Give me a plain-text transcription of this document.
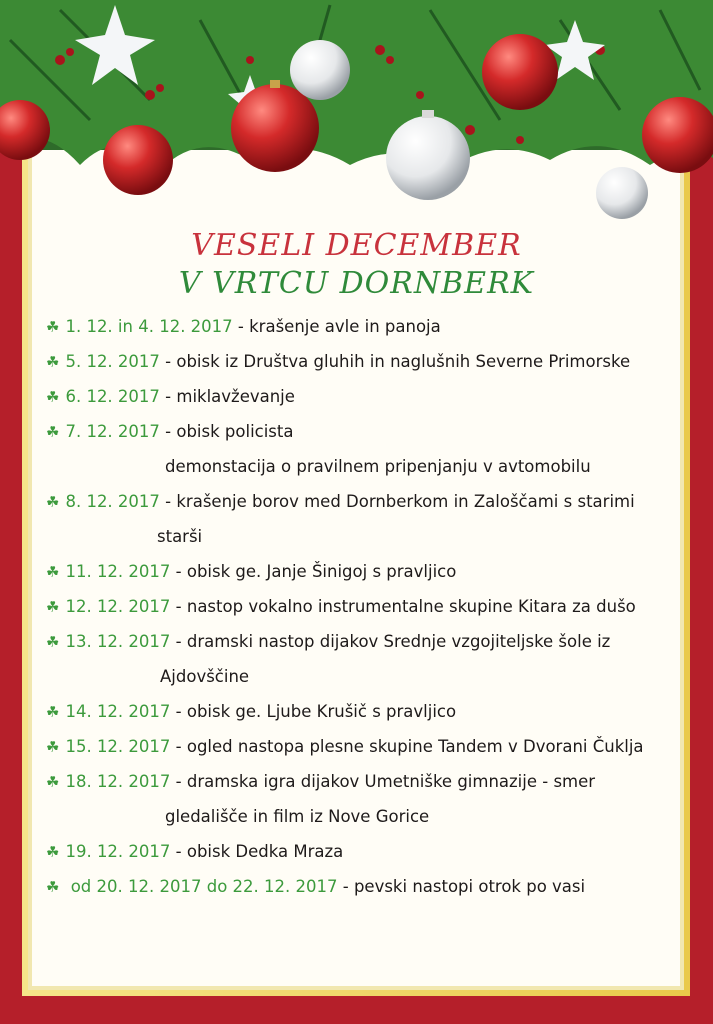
VESELI DECEMBER
V VRTCU DORNBERK
☘ 1. 12. in 4. 12. 2017 - krašenje avle in panoja
☘ 5. 12. 2017 - obisk iz Društva gluhih in naglušnih Severne Primorske
☘ 6. 12. 2017 - miklavževanje
☘ 7. 12. 2017 - obisk policista
demonstacija o pravilnem pripenjanju v avtomobilu
☘ 8. 12. 2017 - krašenje borov med Dornberkom in Zaloščami s starimi
starši
☘ 11. 12. 2017 - obisk ge. Janje Šinigoj s pravljico
☘ 12. 12. 2017 - nastop vokalno instrumentalne skupine Kitara za dušo
☘ 13. 12. 2017 - dramski nastop dijakov Srednje vzgojiteljske šole iz
Ajdovščine
☘ 14. 12. 2017 - obisk ge. Ljube Krušič s pravljico
☘ 15. 12. 2017 - ogled nastopa plesne skupine Tandem v Dvorani Čuklja
☘ 18. 12. 2017 - dramska igra dijakov Umetniške gimnazije - smer
gledališče in film iz Nove Gorice
☘ 19. 12. 2017 - obisk Dedka Mraza
☘ od 20. 12. 2017 do 22. 12. 2017 - pevski nastopi otrok po vasi
